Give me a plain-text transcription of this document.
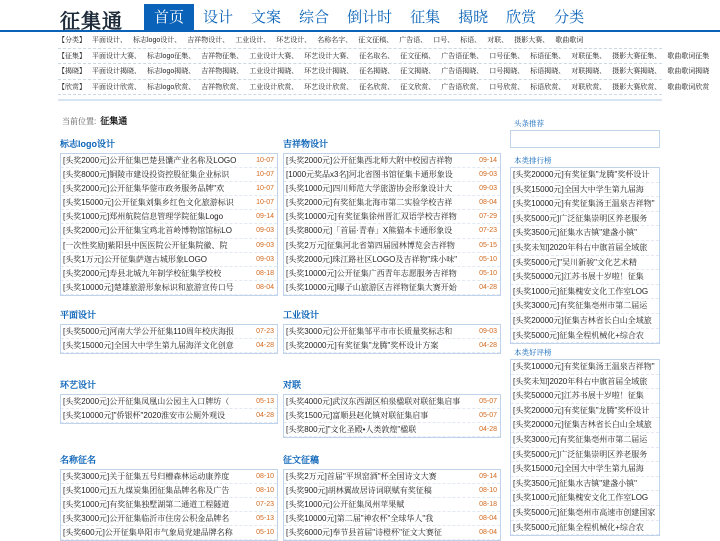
征集通	首页	设计	文案	综合	倒计时	征集	揭晓	欣赏	分类
【分类】 平面设计、 标志logo设计、 吉祥物设计、 工业设计、 环艺设计、 名称名字、 征文征稿、 广告语、 口号、 标语、 对联、 摄影大赛、 歌曲歌词
【征集】 平面设计大赛、 标志logo征集、 吉祥物征集、 工业设计大赛、 环艺设计大赛、 征名取名、 征文征稿、 广告语征集、 口号征集、 标语征集、 对联征集、 摄影大赛征集、 歌曲歌词征集
【揭晓】 平面设计揭晓、 标志logo揭晓、 吉祥物揭晓、 工业设计揭晓、 环艺设计揭晓、 征名揭晓、 征文揭晓、 广告语揭晓、 口号揭晓、 标语揭晓、 对联揭晓、 摄影大赛揭晓、 歌曲歌词揭晓
【欣赏】 平面设计欣赏、 标志logo欣赏、 吉祥物欣赏、 工业设计欣赏、 环艺设计欣赏、 征名欣赏、 征文欣赏、 广告语欣赏、 口号欣赏、 标语欣赏、 对联欣赏、 摄影大赛欣赏、 歌曲歌词欣赏
当前位置: 征集通
标志logo设计
[头奖2000元]公开征集巴楚县馕产业名称及LOGO	10-07
[头奖8000元]铜陵市建设投资控股征集企业标识	10-07
[头奖2000元]公开征集华蓥市政务服务品牌"欢	10-07
[头奖15000元]公开征集刘集乡红色文化旅游标识	10-07
[头奖1000元]郑州航院信息管理学院征集Logo	09-14
[头奖2000元]公开征集宝鸡北首岭博物馆馆标LO	09-03
[一次性奖励]紫阳县中医医院公开征集院徽、院	09-03
[头奖1万元]公开征集萨迦古城形象LOGO	09-03
[头奖2000元]寿县北城九年制学校征集学校校	08-18
[头奖10000元]楚雄旅游形象标识和旅游宣传口号	08-04
平面设计
[头奖5000元]河南大学公开征集110周年校庆海报	07-23
[头奖15000元]全国大中学生第九届海洋文化创意	04-28
环艺设计
[头奖2000元]公开征集凤凰山公园主入口牌坊（	05-13
[头奖10000元]"侨银杯"2020淮安市公厕外观设	04-28
名称征名
[头奖3000元]关于征集五号归槽森林运动康养度	08-10
[头奖1000元]五九煤炭集团征集品牌名称及广告	08-10
[头奖1000元]有奖征集独墅湖第二通道工程隧道	07-23
[头奖3000元]公开征集临沂市住房公积金品牌名	05-13
[头奖600元]公开征集阜阳市气象局党建品牌名称	05-10
吉祥物设计
[头奖2000元]公开征集西北师大附中校园吉祥物	09-14
[1000元奖品x3名]河北省图书馆征集卡通形象设	09-03
[头奖1000元]四川师范大学旅游协会形象设计大	09-03
[头奖2000元]有奖征集北海市第二实验学校吉祥	08-04
[头奖10000元]有奖征集徐州晋汇双语学校吉祥物	07-29
[头奖8000元]「首届·青春」X熊猫本卡通形象设	07-23
[头奖2万元]征集河北省第四届园林博览会吉祥物	05-15
[头奖2000元]珠江路社区LOGO及吉祥物"珠小味"	05-10
[头奖10000元]公开征集广西青年志愿服务吉祥物	05-10
[头奖10000元]曝子山旅游区吉祥物征集大赛开始	04-28
工业设计
[头奖3000元]公开征集邹平市市长质量奖标志和	09-03
[头奖20000元]有奖征集"龙腾"奖杯设计方案	04-28
对联
[头奖4000元]武汉东西湖区柏泉楹联对联征集启事	05-07
[头奖1500元]富顺县赵化镇对联征集启事	05-07
[头奖800元]"文化圣殿•人类敦煌"楹联	04-28
征文征稿
[头奖2万元]首届"平坝窑酒"杯全国诗文大赛	09-14
[头奖900元]胡林翼故居诗词联赋有奖征稿	08-10
[头奖1000元]公开征集凤州苹果赋	08-18
[头奖10000元]第二届"神农杯"全球华人"我	08-04
[头奖6000元]奉节县首届"诗橙杯"征文大赛征	08-04
头条推荐
本类排行榜
[头奖20000元]有奖征集"龙腾"奖杯设计
[头奖15000元]全国大中学生第九届海
[头奖10000元]有奖征集汤王温泉吉祥物"
[头奖5000元]广泛征集崇明区养老服务
[头奖3500元]征集水吉镇"建盏小镇"
[头奖未知]2020年科右中旗首届全域旅
[头奖5000元]"吴川新骏"文化艺术精
[头奖50000元]江苏书展十岁啦！征集
[头奖1000元]征集槐安文化工作室LOG
[头奖3000元]有奖征集亳州市第二届运
[头奖20000元]征集吉林省长白山全域旅
[头奖5000元]征集全程机械化+综合农
本类好评榜
[头奖10000元]有奖征集汤王温泉吉祥物"
[头奖未知]2020年科右中旗首届全域旅
[头奖50000元]江苏书展十岁啦！征集
[头奖20000元]有奖征集"龙腾"奖杯设计
[头奖20000元]征集吉林省长白山全域旅
[头奖3000元]有奖征集亳州市第二届运
[头奖5000元]广泛征集崇明区养老服务
[头奖15000元]全国大中学生第九届海
[头奖3500元]征集水吉镇"建盏小镇"
[头奖1000元]征集槐安文化工作室LOG
[头奖5000元]征集亳州市高速市创建国家
[头奖5000元]征集全程机械化+综合农
